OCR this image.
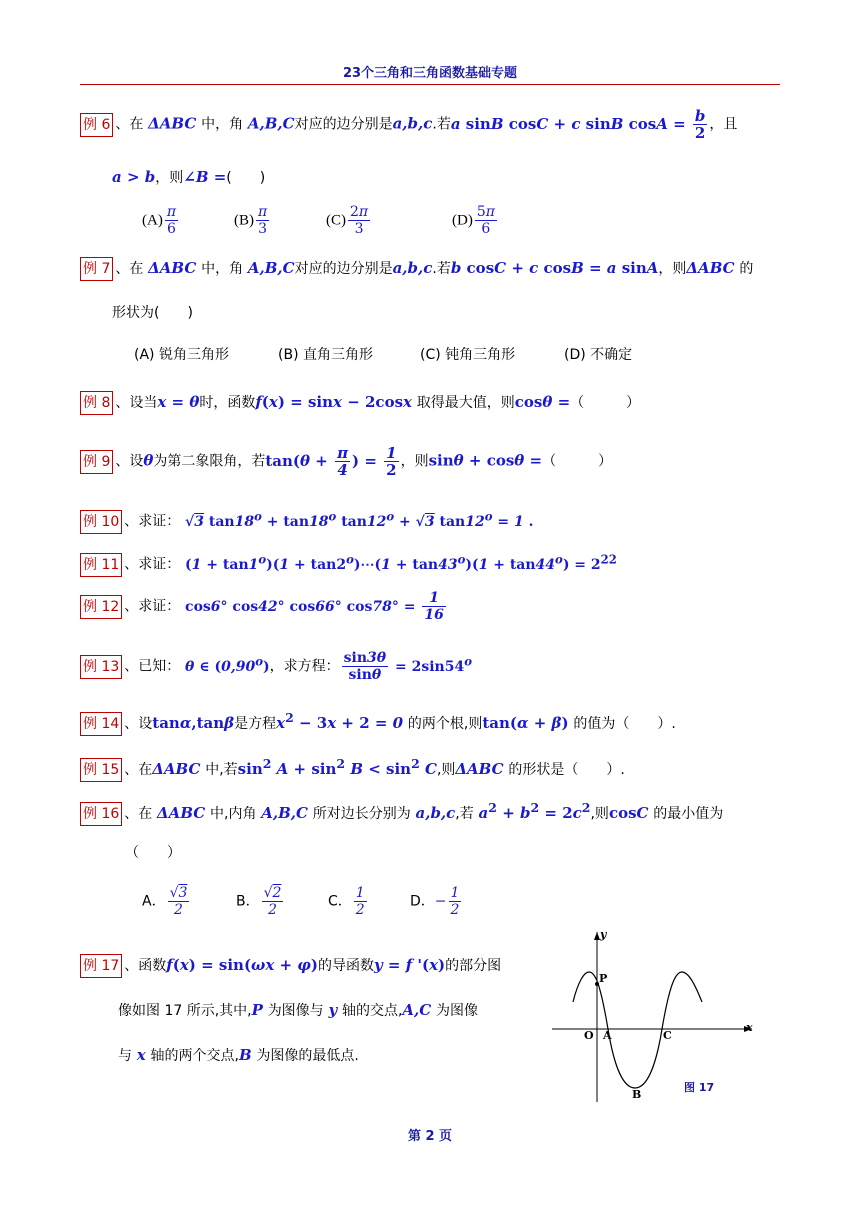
23个三角和三角函数基础专题
例 6 、在 ΔABC 中，角 A,B,C对应的边分别是a,b,c.若a sinB cosC + c sinB $\cos A = \frac{b}{2}$ ，且
a > b，则∠B =(　　)
$(A) \frac{\pi}{6}$	$(B) \frac{\pi}{3}$	$(C) \frac{2\pi}{3}$	$(D) \frac{5\pi}{6}$
例 7 、在 ΔABC 中，角 A,B,C对应的边分别是a,b,c.若b cosC + c cosB = a sinA，则ΔABC 的
形状为(　　)
(A) 锐角三角形	(B) 直角三角形	(C) 钝角三角形	(D) 不确定
例 8 、设当x = θ时，函数f(x) = sinx − 2cosx 取得最大值，则cosθ =（　　　）
例 9 、设θ为第二象限角，若$\tan(\theta + \frac{\pi}{4}$ ) = $\frac{1}{2}$ ，则sinθ + cosθ =（　　　）
例 10 、求证： √3 $\tan 18^o + \tan 18^o$ $\tan 12^o + √3$ $\tan 12^o = 1$ .
例 11 、求证： $(1 + \tan 1^o)(1$ + $\tan 2^o)\cdots(1 + \tan 43^o)(1 + \tan 44^o) = 2^{22}$
例 12 、求证： cos6° cos42° cos66° $\cos 78^\circ = \frac{1}{16}$
例 13 、已知： θ ∈ (0,90$^o$)，求方程： $\frac{\sin 3\theta}{\sin\theta} = 2\sin 54^o$
例 14 、设tanα,tanβ是方程$x^2 - 3x + 2 = 0$ 的两个根,则tan(α + β) 的值为（　　）.
例 15 、在ΔABC 中,若$\sin^2 A + \sin^2 B < \sin^2 C$,则ΔABC 的形状是（　　）.
例 16 、在 ΔABC 中,内角 A,B,C 所对边长分别为 a,b,c,若 $a^2 + b^2 = 2c^2$,则cosC 的最小值为
（　　）
A． $\frac{√3}{2}$	B． $\frac{√2}{2}$	C． $\frac{1}{2}$	D．− $\frac{1}{2}$
例 17 、函数f(x) = sin(ωx + φ)的导函数y = f '(x)的部分图
像如图 17 所示,其中,P 为图像与 y 轴的交点,A,C 为图像
与 x 轴的两个交点,B 为图像的最低点.
y
x
P
O A	C
B
图 17
第 2 页
